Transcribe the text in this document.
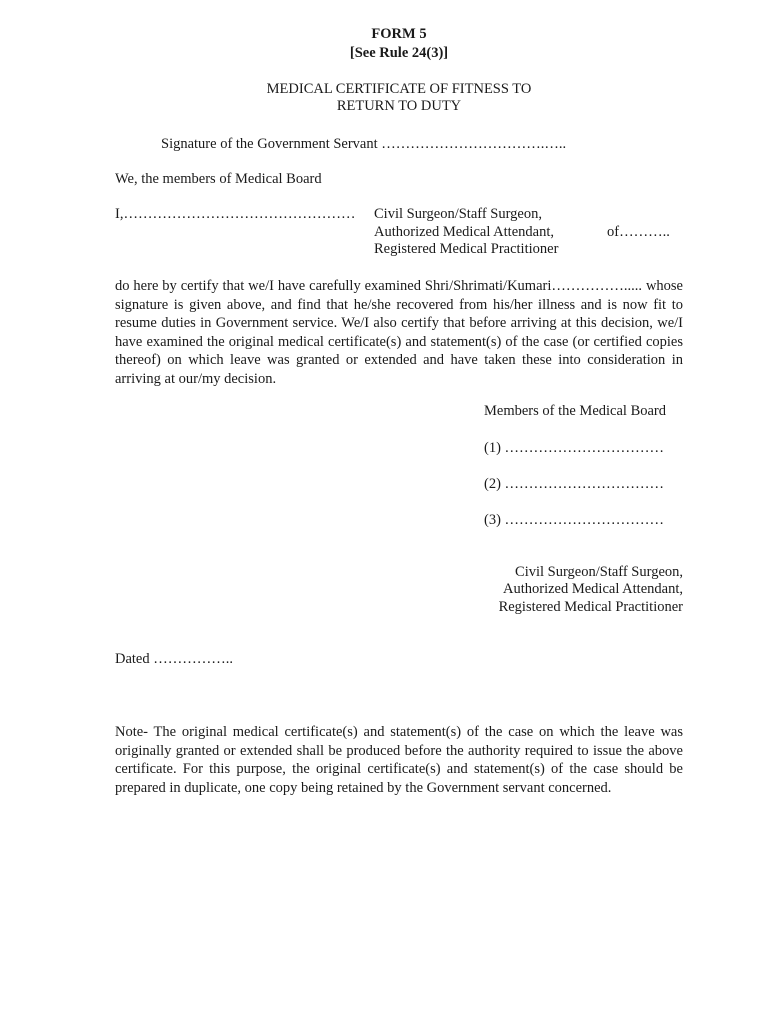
FORM 5
[See Rule 24(3)]
MEDICAL CERTIFICATE OF FITNESS TO
RETURN TO DUTY
Signature of the Government Servant …………………………….…..
We, the members of Medical Board
I,………………………………………… Civil Surgeon/Staff Surgeon,
Authorized Medical Attendant,	of………..
Registered Medical Practitioner
do here by certify that we/I have carefully examined Shri/Shrimati/Kumari……………..... whose signature is given above, and find that he/she recovered from his/her illness and is now fit to resume duties in Government service. We/I also certify that before arriving at this decision, we/I have examined the original medical certificate(s) and statement(s) of the case (or certified copies thereof) on which leave was granted or extended and have taken these into consideration in arriving at our/my decision.
Members of the Medical Board
(1) ……………………………
(2) ……………………………
(3) ……………………………
Civil Surgeon/Staff Surgeon,
Authorized Medical Attendant,
Registered Medical Practitioner
Dated ……………..
Note- The original medical certificate(s) and statement(s) of the case on which the leave was originally granted or extended shall be produced before the authority required to issue the above certificate. For this purpose, the original certificate(s) and statement(s) of the case should be prepared in duplicate, one copy being retained by the Government servant concerned.
